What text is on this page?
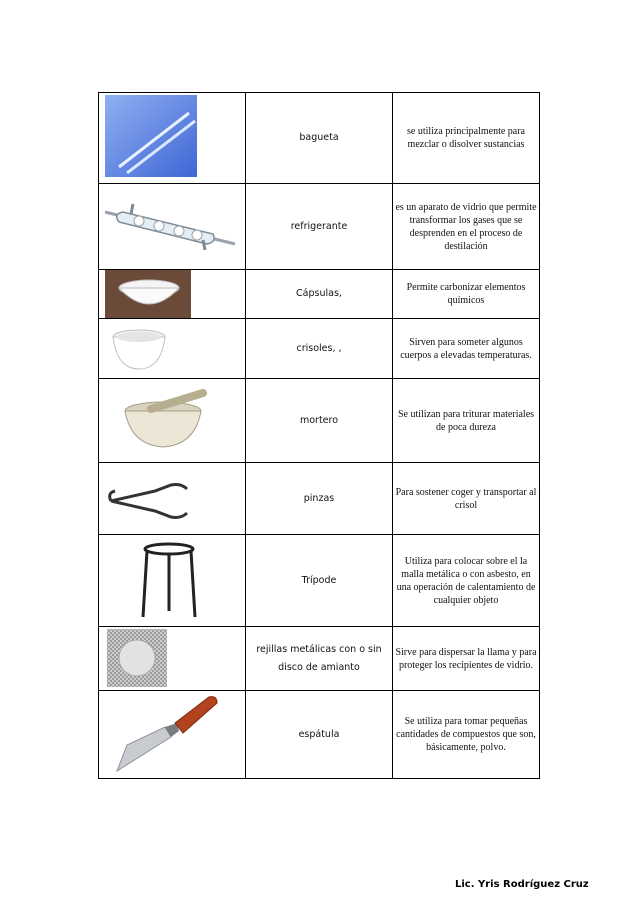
	bagueta	se utiliza principalmente para mezclar o disolver sustancias

	refrigerante	es un aparato de vidrio que permite transformar los gases que se desprenden en el proceso de destilación

	Cápsulas,	Permite carbonizar elementos químicos

	crisoles, ,	Sirven para someter algunos cuerpos a elevadas temperaturas.

	mortero	Se utilizan para triturar materiales de poca dureza

	pinzas	Para sostener coger y transportar al crisol

	Trípode	Utiliza para colocar sobre el la malla metálica o con asbesto, en una operación de calentamiento de cualquier objeto

	rejillas metálicas con o sin disco de amianto	Sirve para dispersar la llama y para proteger los recipientes de vidrio.

	espátula	Se utiliza para tomar pequeñas cantidades de compuestos que son, básicamente, polvo.
Lic. Yris Rodríguez Cruz
